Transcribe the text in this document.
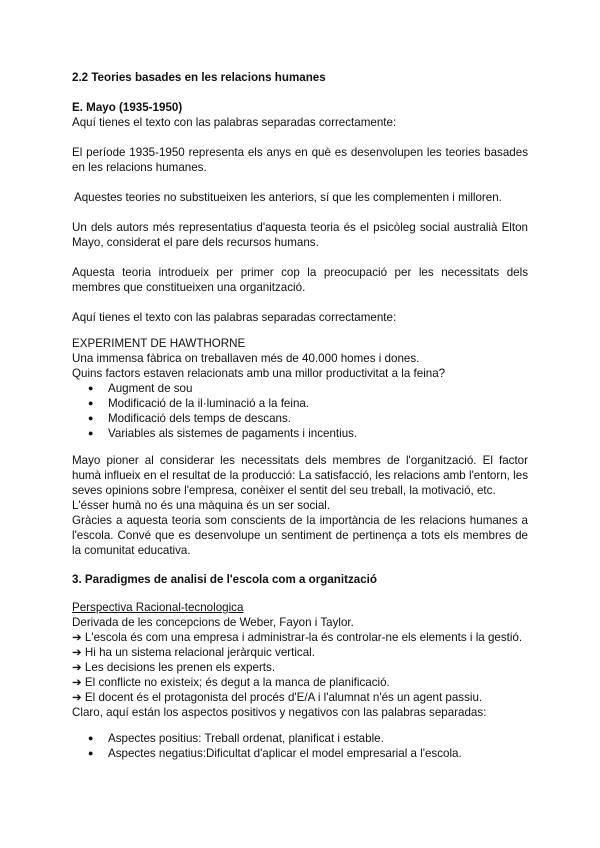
2.2 Teories basades en les relacions humanes

E. Mayo (1935-1950)

Aquí tienes el texto con las palabras separadas correctamente:

El període 1935-1950 representa els anys en què es desenvolupen les teories basades en les relacions humanes.

Aquestes teories no substitueixen les anteriors, sí que les complementen i milloren.

Un dels autors més representatius d'aquesta teoria és el psicòleg social australià Elton Mayo, considerat el pare dels recursos humans.

Aquesta teoria introdueix per primer cop la preocupació per les necessitats dels membres que constitueixen una organització.

Aquí tienes el texto con las palabras separadas correctamente:

EXPERIMENT DE HAWTHORNE

Una immensa fàbrica on treballaven més de 40.000 homes i dones.

Quins factors estaven relacionats amb una millor productivitat a la feina?

● Augment de sou
● Modificació de la il·luminació a la feina.
● Modificació dels temps de descans.
● Variables als sistemes de pagaments i incentius.

Mayo pioner al considerar les necessitats dels membres de l'organització. El factor humà influeix en el resultat de la producció: La satisfacció, les relacions amb l'entorn, les seves opinions sobre l'empresa, conèixer el sentit del seu treball, la motivació, etc.

L'ésser humà no és una màquina és un ser social.

Gràcies a aquesta teoria som conscients de la importància de les relacions humanes a l'escola. Convé que es desenvolupe un sentiment de pertinença a tots els membres de la comunitat educativa.

3. Paradigmes de analisi de l'escola com a organització

Perspectiva Racional-tecnologica

Derivada de les concepcions de Weber, Fayon i Taylor.

➔ L'escola és com una empresa i administrar-la és controlar-ne els elements i la gestió.

➔ Hi ha un sistema relacional jeràrquic vertical.

➔ Les decisions les prenen els experts.

➔ El conflicte no existeix; és degut a la manca de planificació.

➔ El docent és el protagonista del procés d'E/A i l'alumnat n'és un agent passiu.

Claro, aquí están los aspectos positivos y negativos con las palabras separadas:

● Aspectes positius: Treball ordenat, planificat i estable.
● Aspectes negatius:Dificultat d'aplicar el model empresarial a l'escola.
